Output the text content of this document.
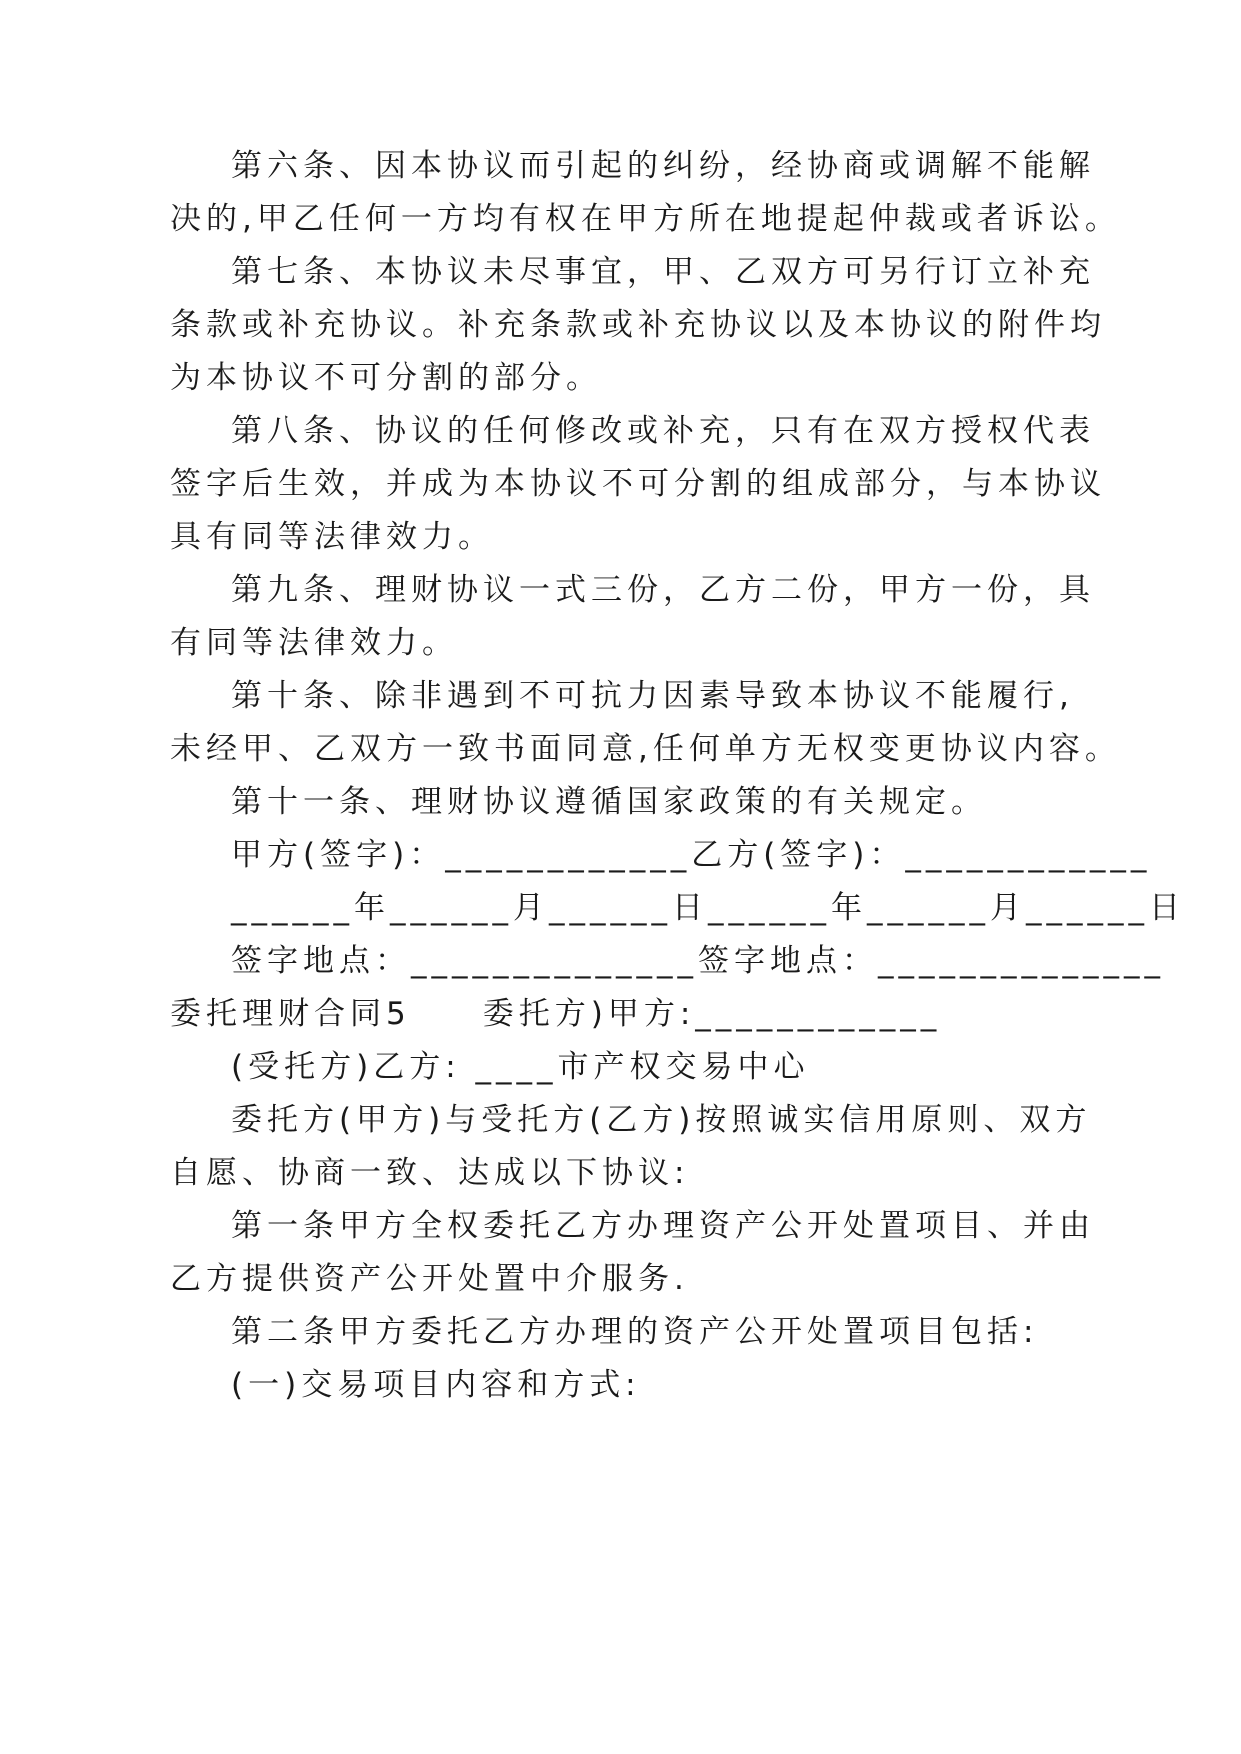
第六条、因本协议而引起的纠纷，经协商或调解不能解
决的,甲乙任何一方均有权在甲方所在地提起仲裁或者诉讼。
第七条、本协议未尽事宜，甲、乙双方可另行订立补充
条款或补充协议。补充条款或补充协议以及本协议的附件均
为本协议不可分割的部分。
第八条、协议的任何修改或补充，只有在双方授权代表
签字后生效，并成为本协议不可分割的组成部分，与本协议
具有同等法律效力。
第九条、理财协议一式三份，乙方二份，甲方一份，具
有同等法律效力。
第十条、除非遇到不可抗力因素导致本协议不能履行,
未经甲、乙双方一致书面同意,任何单方无权变更协议内容。
第十一条、理财协议遵循国家政策的有关规定。
甲方(签字)：____________乙方(签字)：____________
______年______月______日______年______月______日
签字地点：______________签字地点：______________
委托理财合同5　　委托方)甲方:____________
(受托方)乙方: ____市产权交易中心
委托方(甲方)与受托方(乙方)按照诚实信用原则、双方
自愿、协商一致、达成以下协议:
第一条甲方全权委托乙方办理资产公开处置项目、并由
乙方提供资产公开处置中介服务.
第二条甲方委托乙方办理的资产公开处置项目包括:
(一)交易项目内容和方式:
